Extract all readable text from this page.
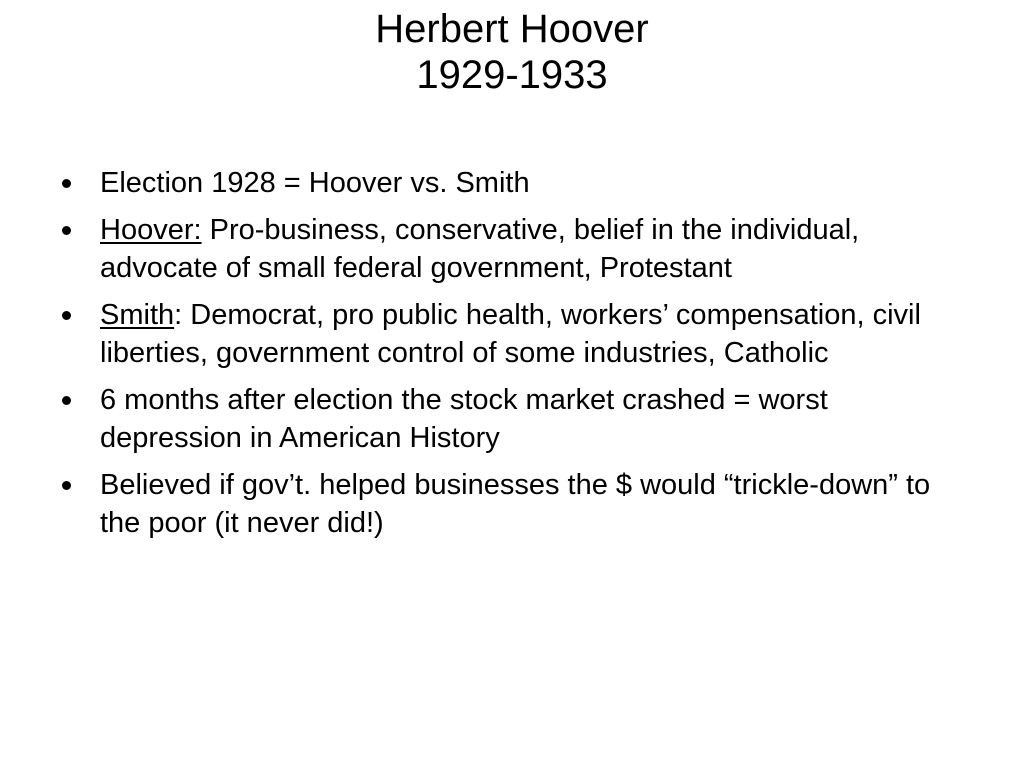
Herbert Hoover
1929-1933
Election 1928 = Hoover vs. Smith
Hoover: Pro-business, conservative, belief in the individual, advocate of small federal government, Protestant
Smith: Democrat, pro public health, workers’ compensation, civil liberties, government control of some industries, Catholic
6 months after election the stock market crashed = worst depression in American History
Believed if gov’t. helped businesses the $ would “trickle-down” to the poor (it never did!)
